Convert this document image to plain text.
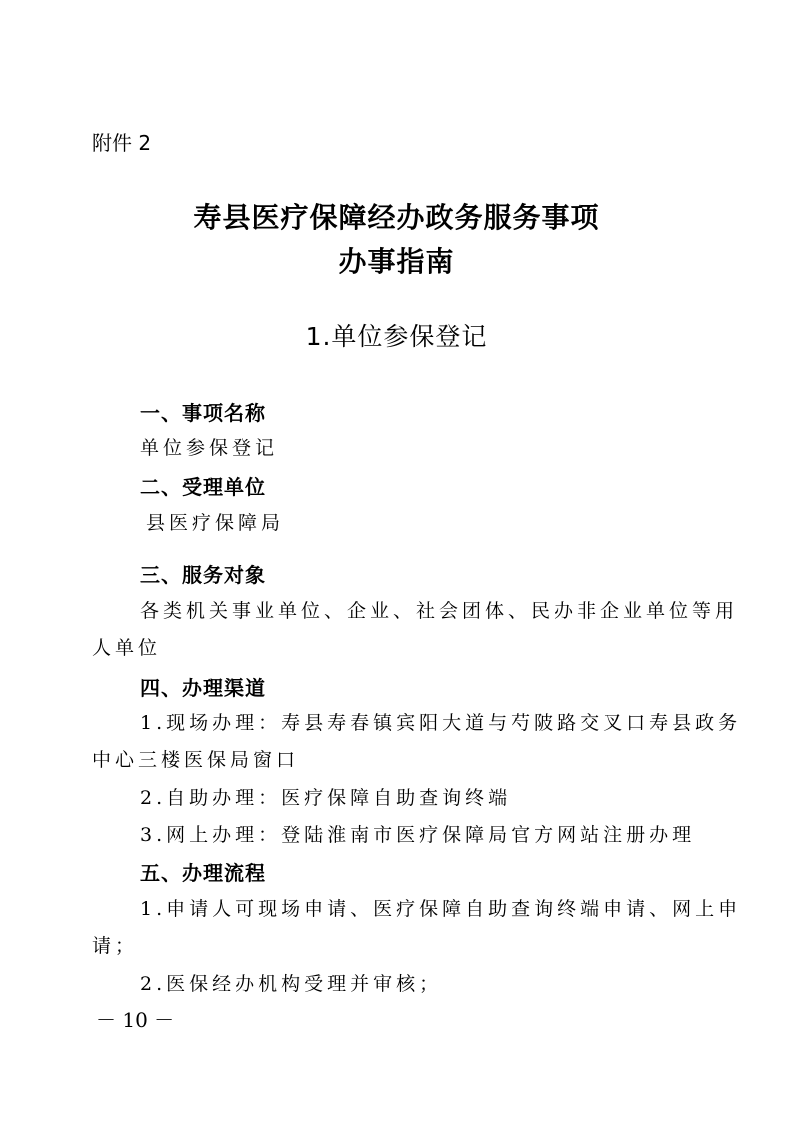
附件 2
寿县医疗保障经办政务服务事项
办事指南
1.单位参保登记
一、事项名称
单位参保登记
二、受理单位
县医疗保障局
三、服务对象
各类机关事业单位、企业、社会团体、民办非企业单位等用
人单位
四、办理渠道
1.现场办理：寿县寿春镇宾阳大道与芍陂路交叉口寿县政务
中心三楼医保局窗口
2.自助办理：医疗保障自助查询终端
3.网上办理：登陆淮南市医疗保障局官方网站注册办理
五、办理流程
1.申请人可现场申请、医疗保障自助查询终端申请、网上申
请；
2.医保经办机构受理并审核；
－ 10 －
